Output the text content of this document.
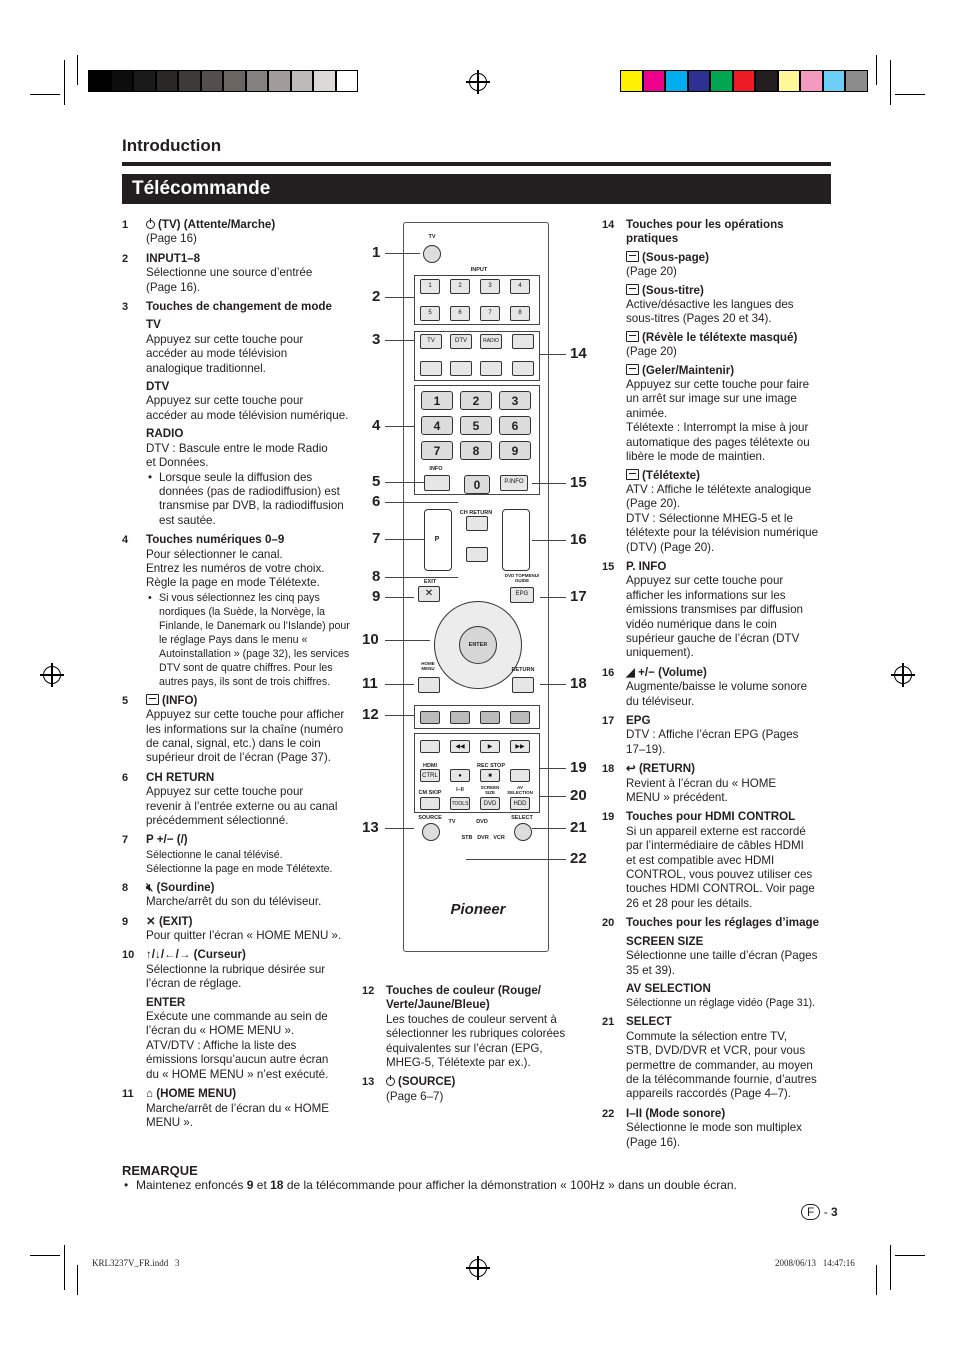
Introduction
Télécommande
1	(TV) (Attente/Marche)
(Page 16)
2 INPUT1–8
Sélectionne une source d’entrée
(Page 16).
3 Touches de changement de mode
TV
Appuyez sur cette touche pour
accéder au mode télévision
analogique traditionnel.
DTV
Appuyez sur cette touche pour
accéder au mode télévision numérique.
RADIO
DTV : Bascule entre le mode Radio
et Données.
• Lorsque seule la diffusion des données (pas de radiodiffusion) est transmise par DVB, la radiodiffusion est sautée.
4 Touches numériques 0–9
Pour sélectionner le canal.
Entrez les numéros de votre choix.
Règle la page en mode Télétexte.
• Si vous sélectionnez les cinq pays nordiques (la Suède, la Norvège, la Finlande, le Danemark ou l’Islande) pour le réglage Pays dans le menu « Autoinstallation » (page 32), les services DTV sont de quatre chiffres. Pour les autres pays, ils sont de trois chiffres.
5	(INFO)
Appuyez sur cette touche pour afficher
les informations sur la chaîne (numéro
de canal, signal, etc.) dans le coin
supérieur droit de l’écran (Page 37).
6 CH RETURN
Appuyez sur cette touche pour
revenir à l’entrée externe ou au canal
précédemment sélectionné.
7 P +/− (/)
Sélectionne le canal télévisé.
Sélectionne la page en mode Télétexte.
8 🔇︎ (Sourdine)
Marche/arrêt du son du téléviseur.
9 ✕ (EXIT)
Pour quitter l’écran « HOME MENU ».
10 ↑/↓/←/→ (Curseur)
Sélectionne la rubrique désirée sur
l’écran de réglage.
ENTER
Exécute une commande au sein de
l’écran du « HOME MENU ».
ATV/DTV : Affiche la liste des
émissions lorsqu’aucun autre écran
du « HOME MENU » n’est exécuté.
11 ⌂ (HOME MENU)
Marche/arrêt de l’écran du « HOME
MENU ».
TV
INPUT
1	2	3	4
5	6	7	8
TV	DTV	RADIO
1	2	3
4	5	6
7	8	9
0
INFO
P.INFO
CH RETURN
P
EXIT
✕
DVD TOPMENU/ GUIDE
EPG
ENTER
HOME MENU	RETURN
◀◀	▶	▶▶
HDMI
CTRL	●
REC STOP
■
CM SKIP	I–II
TOOLS
SCREEN SIZE
DVD
AV SELECTION
HDD
SOURCE
TV	DVD
STB DVR VCR
SELECT
Pioneer
1
2
3
4
5
6
7
8
9
10
11
12
13
14
15
16
17
18
19
20
21
22
12 Touches de couleur (Rouge/ Verte/Jaune/Bleue)
Les touches de couleur servent à
sélectionner les rubriques colorées
équivalentes sur l’écran (EPG,
MHEG-5, Télétexte par ex.).
13	(SOURCE)
(Page 6–7)
14 Touches pour les opérations pratiques
(Sous-page)
(Page 20)
(Sous-titre)
Active/désactive les langues des
sous-titres (Pages 20 et 34).
(Révèle le télétexte masqué)
(Page 20)
(Geler/Maintenir)
Appuyez sur cette touche pour faire
un arrêt sur image sur une image
animée.
Télétexte : Interrompt la mise à jour
automatique des pages télétexte ou
libère le mode de maintien.
(Télétexte)
ATV : Affiche le télétexte analogique
(Page 20).
DTV : Sélectionne MHEG-5 et le
télétexte pour la télévision numérique
(DTV) (Page 20).
15 P. INFO
Appuyez sur cette touche pour
afficher les informations sur les
émissions transmises par diffusion
vidéo numérique dans le coin
supérieur gauche de l’écran (DTV
uniquement).
16 ◢ +/− (Volume)
Augmente/baisse le volume sonore
du téléviseur.
17 EPG
DTV : Affiche l’écran EPG (Pages
17–19).
18 ↩ (RETURN)
Revient à l’écran du « HOME
MENU » précédent.
19 Touches pour HDMI CONTROL
Si un appareil externe est raccordé
par l’intermédiaire de câbles HDMI
et est compatible avec HDMI
CONTROL, vous pouvez utiliser ces
touches HDMI CONTROL. Voir page
26 et 28 pour les détails.
20 Touches pour les réglages d’image
SCREEN SIZE
Sélectionne une taille d’écran (Pages
35 et 39).
AV SELECTION
Sélectionne un réglage vidéo (Page 31).
21 SELECT
Commute la sélection entre TV,
STB, DVD/DVR et VCR, pour vous
permettre de commander, au moyen
de la télécommande fournie, d’autres
appareils raccordés (Page 4–7).
22 I–II (Mode sonore)
Sélectionne le mode son multiplex
(Page 16).
REMARQUE
• Maintenez enfoncés 9 et 18 de la télécommande pour afficher la démonstration « 100Hz » dans un double écran.
F - 3
KRL3237V_FR.indd   3	2008/06/13   14:47:16
